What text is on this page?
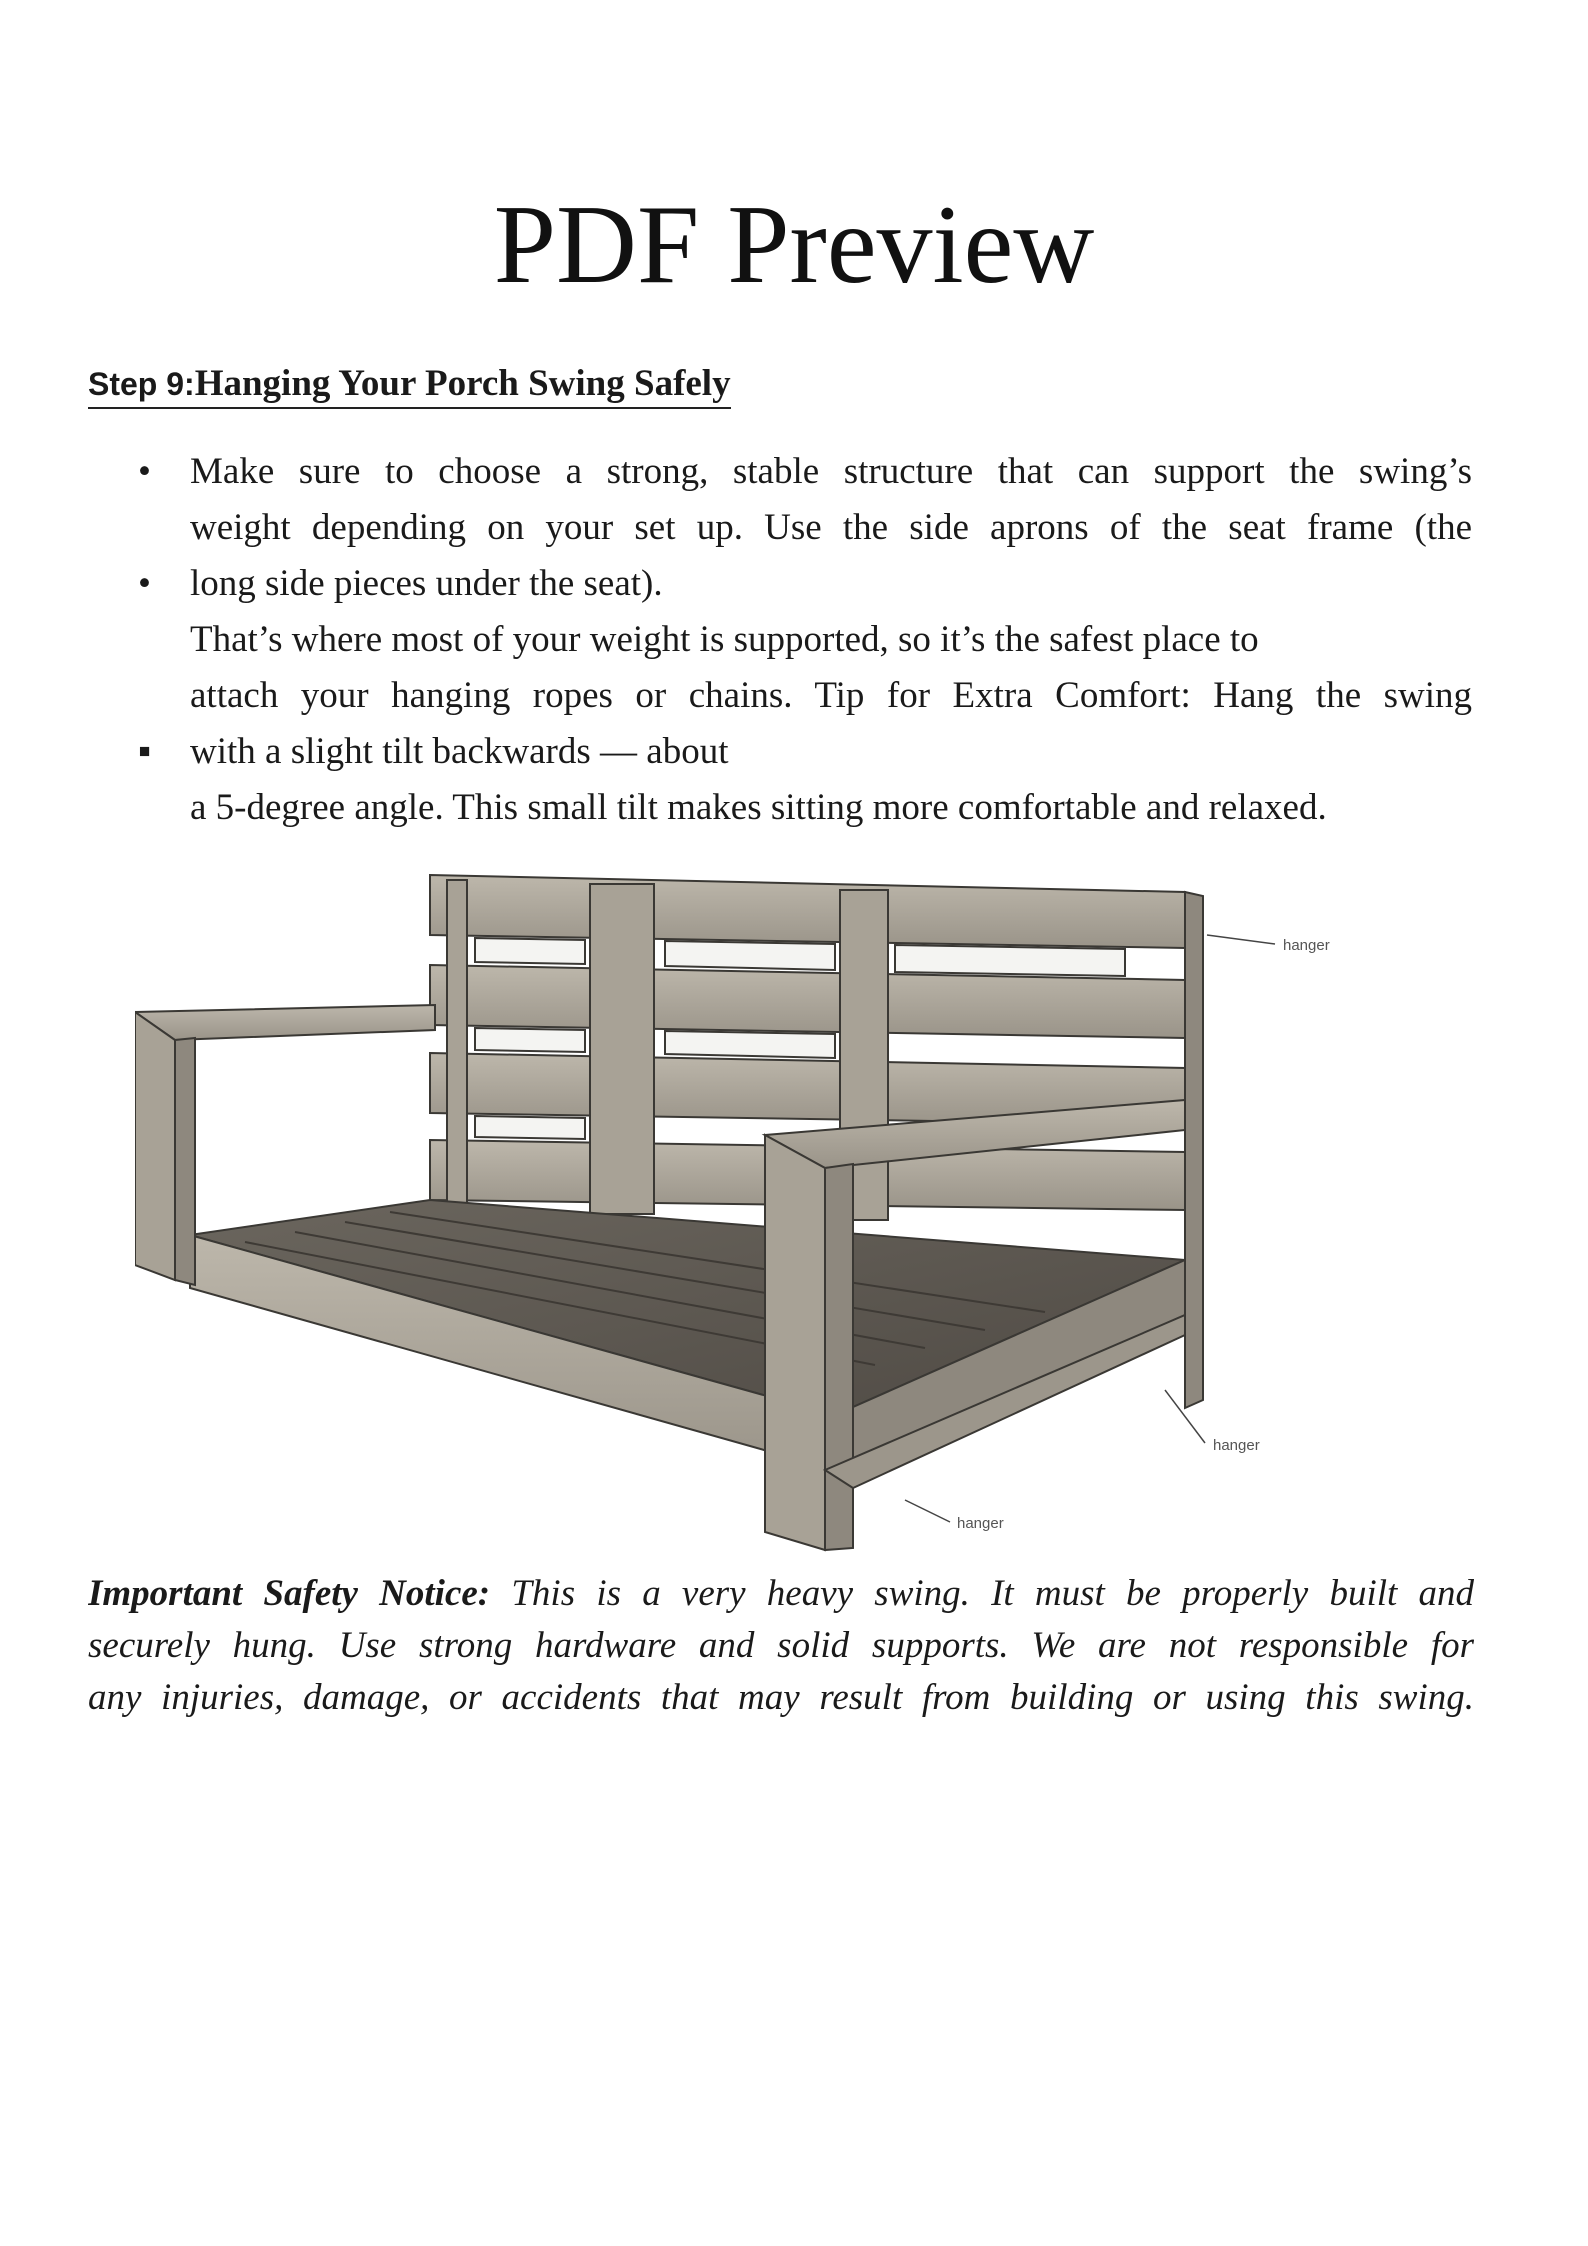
PDF Preview
Step 9:Hanging Your Porch Swing Safely
• Make sure to choose a strong, stable structure that can support the swing’s
weight depending on your set up. Use the side aprons of the seat frame (the
• long side pieces under the seat).
That’s where most of your weight is supported, so it’s the safest place to
attach your hanging ropes or chains. Tip for Extra Comfort: Hang the swing
▪ with a slight tilt backwards — about
a 5-degree angle. This small tilt makes sitting more comfortable and relaxed.
hanger
hanger
hanger
Important Safety Notice: This is a very heavy swing. It must be properly built and
securely hung. Use strong hardware and solid supports. We are not responsible for
any injuries, damage, or accidents that may result from building or using this swing.
